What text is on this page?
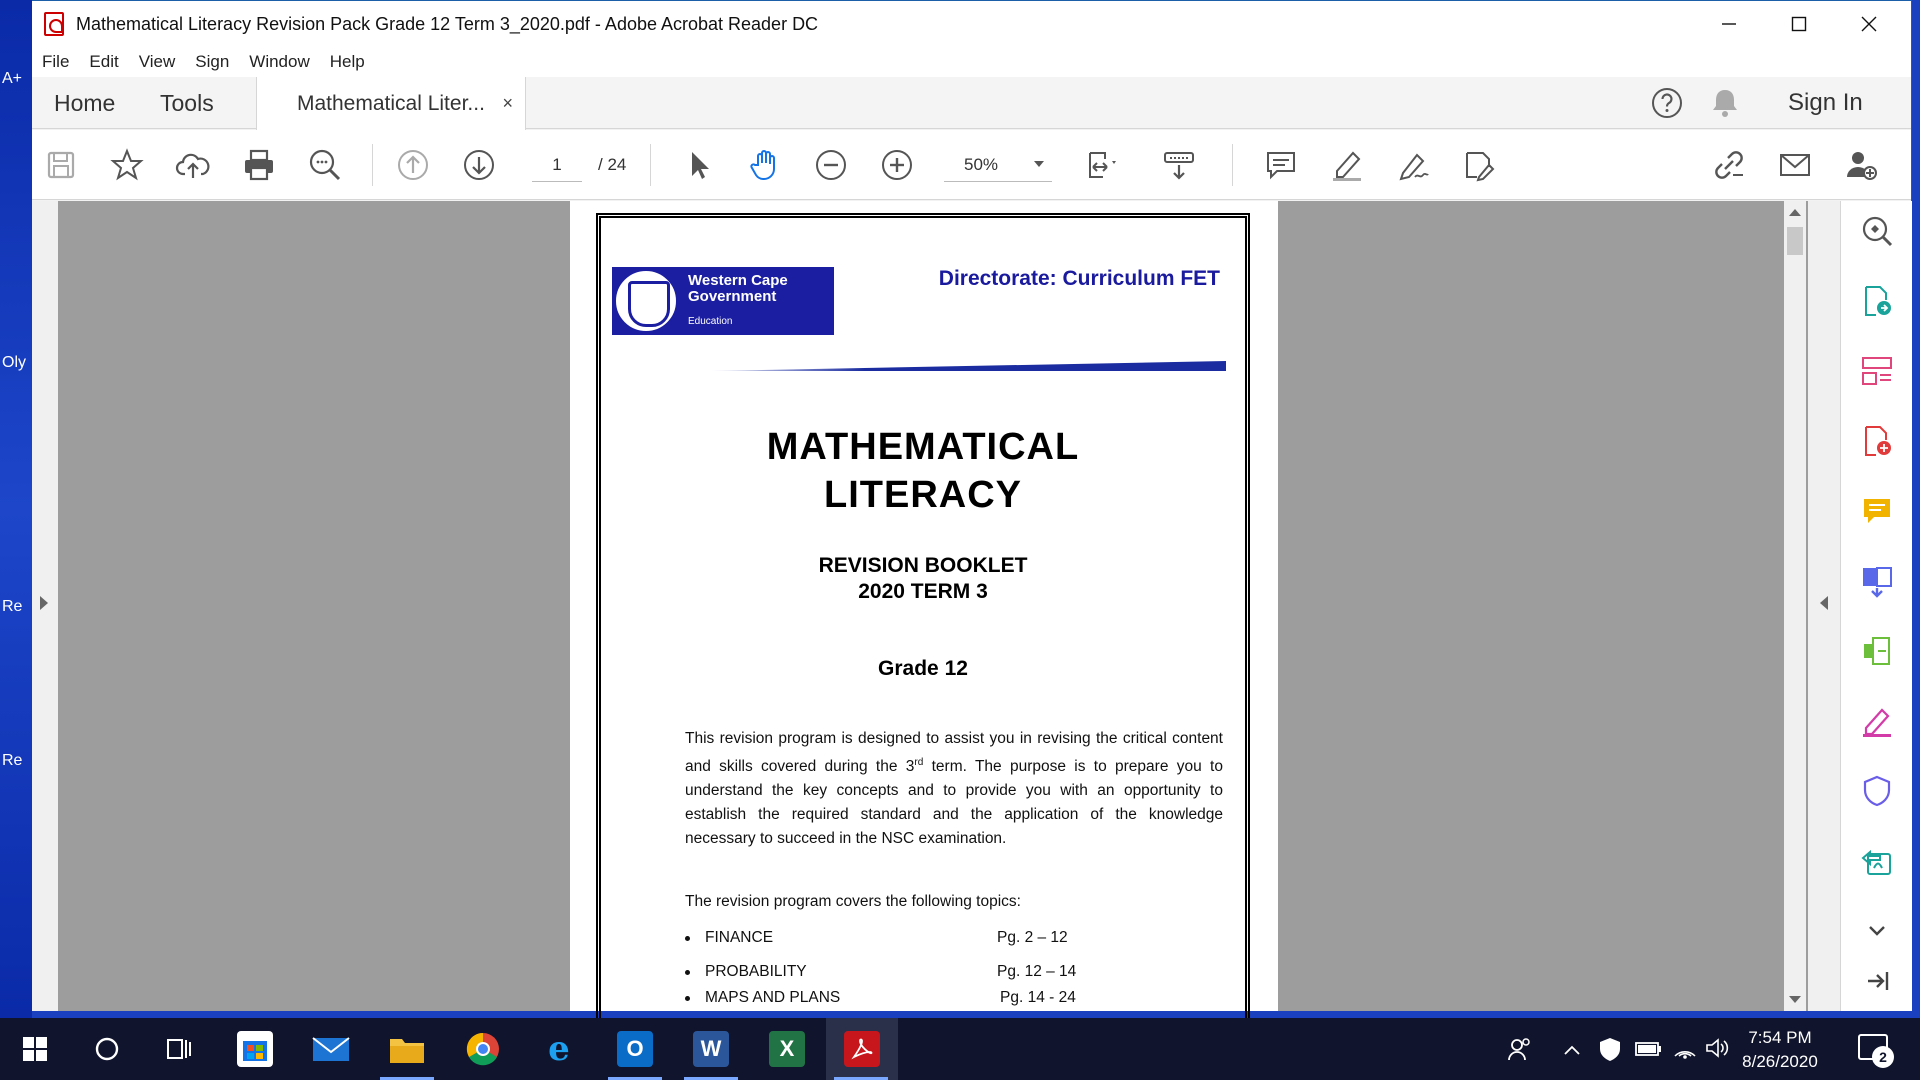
A+
Oly
Re
Re
Mathematical Literacy Revision Pack Grade 12 Term 3_2020.pdf - Adobe Acrobat Reader DC
File Edit View Sign Window Help
Home Tools	Mathematical Liter... ×	Sign In
1
/ 24	50%
Western Cape
Government
Education
Directorate: Curriculum FET
MATHEMATICAL
LITERACY
REVISION BOOKLET
2020 TERM 3
Grade 12

This revision program is designed to assist you in revising the critical content and skills covered during the 3rd term. The purpose is to prepare you to understand the key concepts and to provide you with an opportunity to establish the required standard and the application of the knowledge necessary to succeed in the NSC examination.

The revision program covers the following topics:
FINANCE	Pg. 2 – 12
PROBABILITY	Pg. 12 – 14
MAPS AND PLANS	Pg. 14 - 24
e	O	W	X	7:54 PM
8/26/2020	2
